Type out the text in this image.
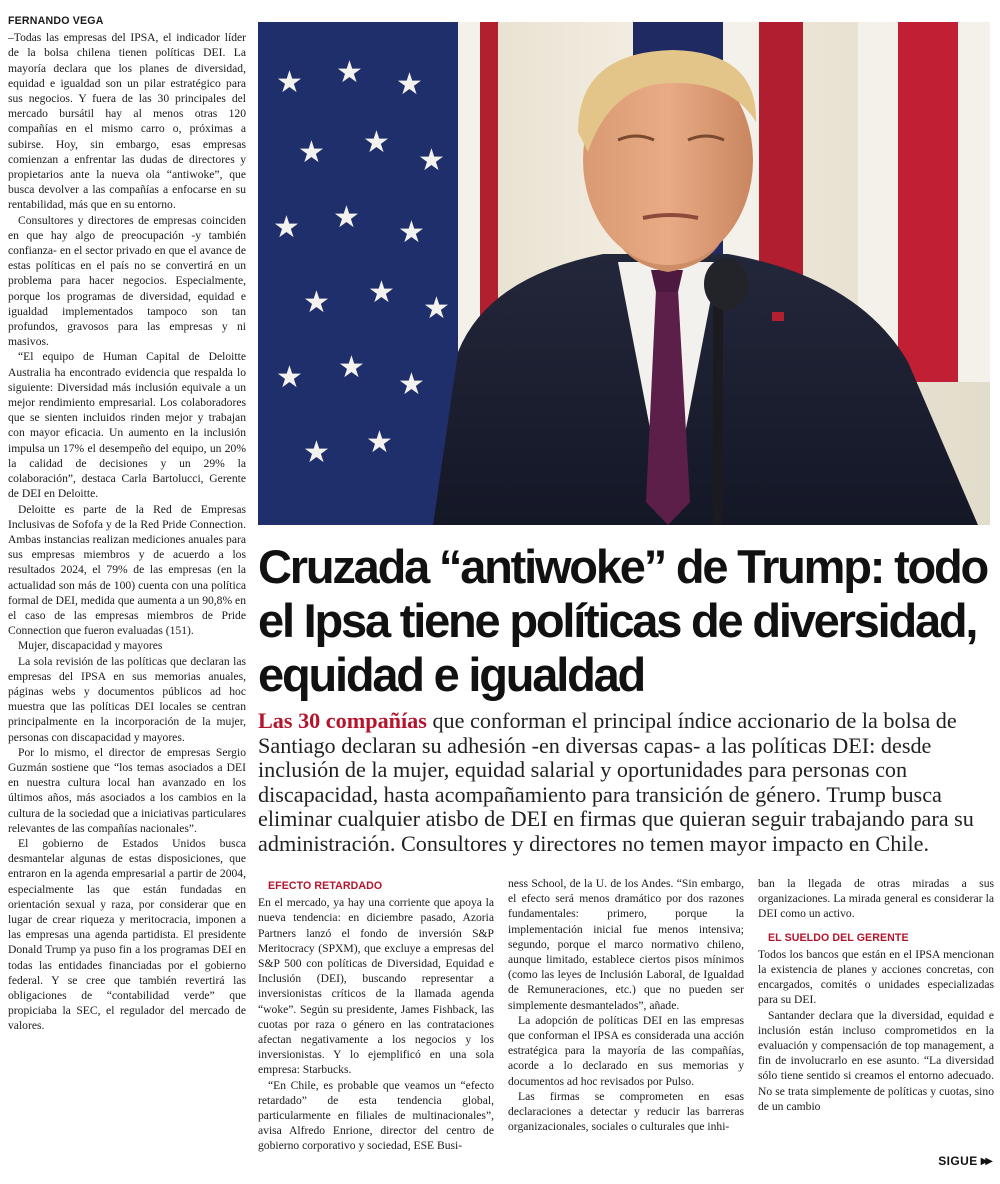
FERNANDO VEGA

–Todas las empresas del IPSA, el indicador líder de la bolsa chilena tienen políticas DEI. La mayoría declara que los planes de diversidad, equidad e igualdad son un pilar estratégico para sus negocios. Y fuera de las 30 principales del mercado bursátil hay al menos otras 120 compañías en el mismo carro o, próximas a subirse. Hoy, sin embargo, esas empresas comienzan a enfrentar las dudas de directores y propietarios ante la nueva ola “antiwoke”, que busca devolver a las compañías a enfocarse en su rentabilidad, más que en su entorno.

Consultores y directores de empresas coinciden en que hay algo de preocupación -y también confianza- en el sector privado en que el avance de estas políticas en el país no se convertirá en un problema para hacer negocios. Especialmente, porque los programas de diversidad, equidad e igualdad implementados tampoco son tan profundos, gravosos para las empresas y ni masivos.

“El equipo de Human Capital de Deloitte Australia ha encontrado evidencia que respalda lo siguiente: Diversidad más inclusión equivale a un mejor rendimiento empresarial. Los colaboradores que se sienten incluidos rinden mejor y trabajan con mayor eficacia. Un aumento en la inclusión impulsa un 17% el desempeño del equipo, un 20% la calidad de decisiones y un 29% la colaboración”, destaca Carla Bartolucci, Gerente de DEI en Deloitte.

Deloitte es parte de la Red de Empresas Inclusivas de Sofofa y de la Red Pride Connection. Ambas instancias realizan mediciones anuales para sus empresas miembros y de acuerdo a los resultados 2024, el 79% de las empresas (en la actualidad son más de 100) cuenta con una política formal de DEI, medida que aumenta a un 90,8% en el caso de las empresas miembros de Pride Connection que fueron evaluadas (151).

Mujer, discapacidad y mayores

La sola revisión de las políticas que declaran las empresas del IPSA en sus memorias anuales, páginas webs y documentos públicos ad hoc muestra que las políticas DEI locales se centran principalmente en la incorporación de la mujer, personas con discapacidad y mayores.

Por lo mismo, el director de empresas Sergio Guzmán sostiene que “los temas asociados a DEI en nuestra cultura local han avanzado en los últimos años, más asociados a los cambios en la cultura de la sociedad que a iniciativas particulares relevantes de las compañías nacionales”.

El gobierno de Estados Unidos busca desmantelar algunas de estas disposiciones, que entraron en la agenda empresarial a partir de 2004, especialmente las que están fundadas en orientación sexual y raza, por considerar que en lugar de crear riqueza y meritocracia, imponen a las empresas una agenda partidista. El presidente Donald Trump ya puso fin a los programas DEI en todas las entidades financiadas por el gobierno federal. Y se cree que también revertirá las obligaciones de “contabilidad verde” que propiciaba la SEC, el regulador del mercado de valores.

★ ★ ★
★ ★
★
★ ★ ★
★ ★ ★
★ ★ ★
★ ★
Cruzada “antiwoke” de Trump: todo el Ipsa tiene políticas de diversidad, equidad e igualdad
Las 30 compañías que conforman el principal índice accionario de la bolsa de Santiago declaran su adhesión -en diversas capas- a las políticas DEI: desde inclusión de la mujer, equidad salarial y oportunidades para personas con discapacidad, hasta acompañamiento para transición de género. Trump busca eliminar cualquier atisbo de DEI en firmas que quieran seguir trabajando para su administración. Consultores y directores no temen mayor impacto en Chile.
EFECTO RETARDADO

En el mercado, ya hay una corriente que apoya la nueva tendencia: en diciembre pasado, Azoria Partners lanzó el fondo de inversión S&P Meritocracy (SPXM), que excluye a empresas del S&P 500 con políticas de Diversidad, Equidad e Inclusión (DEI), buscando representar a inversionistas críticos de la llamada agenda “woke”. Según su presidente, James Fishback, las cuotas por raza o género en las contrataciones afectan negativamente a los negocios y los inversionistas. Y lo ejemplificó en una sola empresa: Starbucks.

“En Chile, es probable que veamos un “efecto retardado” de esta tendencia global, particularmente en filiales de multinacionales”, avisa Alfredo Enrione, director del centro de gobierno corporativo y sociedad, ESE Busi-

ness School, de la U. de los Andes. “Sin embargo, el efecto será menos dramático por dos razones fundamentales: primero, porque la implementación inicial fue menos intensiva; segundo, porque el marco normativo chileno, aunque limitado, establece ciertos pisos mínimos (como las leyes de Inclusión Laboral, de Igualdad de Remuneraciones, etc.) que no pueden ser simplemente desmantelados”, añade.

La adopción de políticas DEI en las empresas que conforman el IPSA es considerada una acción estratégica para la mayoría de las compañías, acorde a lo declarado en sus memorias y documentos ad hoc revisados por Pulso.

Las firmas se comprometen en esas declaraciones a detectar y reducir las barreras organizacionales, sociales o culturales que inhi-

ban la llegada de otras miradas a sus organizaciones. La mirada general es considerar la DEI como un activo.

EL SUELDO DEL GERENTE

Todos los bancos que están en el IPSA mencionan la existencia de planes y acciones concretas, con encargados, comités o unidades especializadas para su DEI.

Santander declara que la diversidad, equidad e inclusión están incluso comprometidos en la evaluación y compensación de top management, a fin de involucrarlo en ese asunto. “La diversidad sólo tiene sentido si creamos el entorno adecuado. No se trata simplemente de políticas y cuotas, sino de un cambio

SIGUE ▶▶
